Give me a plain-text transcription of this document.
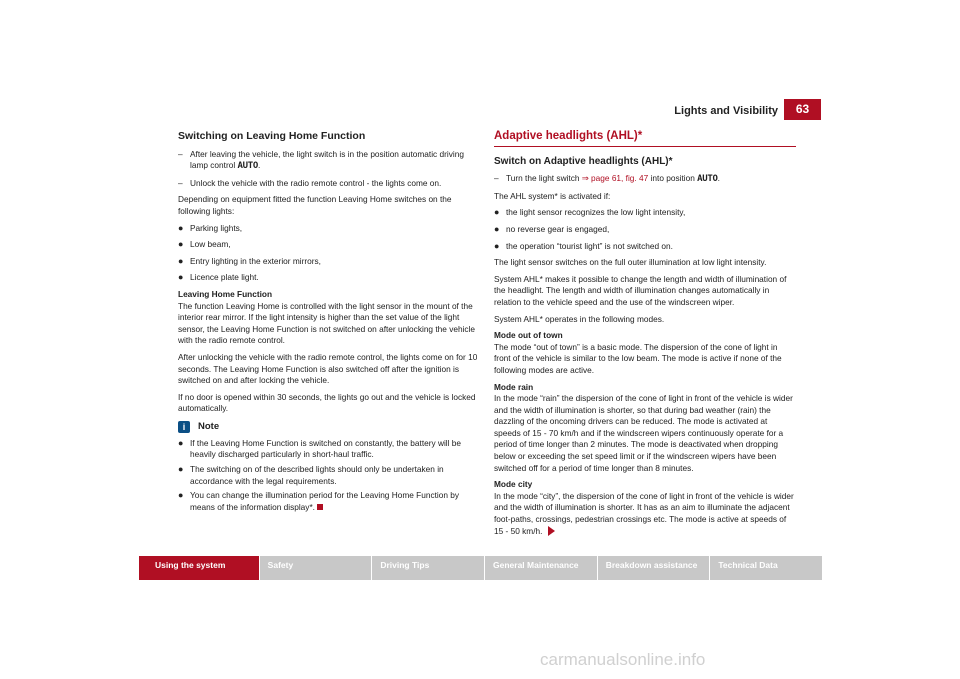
Lights and Visibility	63
Switching on Leaving Home Function
– After leaving the vehicle, the light switch is in the position automatic driving lamp control AUTO.
– Unlock the vehicle with the radio remote control - the lights come on.

Depending on equipment fitted the function Leaving Home switches on the following lights:

● Parking lights,
● Low beam,
● Entry lighting in the exterior mirrors,
● Licence plate light.

Leaving Home Function

The function Leaving Home is controlled with the light sensor in the mount of the interior rear mirror. If the light intensity is higher than the set value of the light sensor, the Leaving Home Function is not switched on after unlocking the vehicle with the radio remote control.

After unlocking the vehicle with the radio remote control, the lights come on for 10 seconds. The Leaving Home Function is also switched off after the ignition is switched on and after locking the vehicle.

If no door is opened within 30 seconds, the lights go out and the vehicle is locked automatically.

i	Note
● If the Leaving Home Function is switched on constantly, the battery will be heavily discharged particularly in short-haul traffic.
● The switching on of the described lights should only be undertaken in accordance with the legal requirements.
● You can change the illumination period for the Leaving Home Function by means of the information display*.
Adaptive headlights (AHL)*
Switch on Adaptive headlights (AHL)*
– Turn the light switch ⇒ page 61, fig. 47 into position AUTO.

The AHL system* is activated if:

● the light sensor recognizes the low light intensity,
● no reverse gear is engaged,
● the operation “tourist light” is not switched on.

The light sensor switches on the full outer illumination at low light intensity.

System AHL* makes it possible to change the length and width of illumination of the headlight. The length and width of illumination changes automatically in relation to the vehicle speed and the use of the windscreen wiper.

System AHL* operates in the following modes.

Mode out of town

The mode “out of town” is a basic mode. The dispersion of the cone of light in front of the vehicle is similar to the low beam. The mode is active if none of the following modes are active.

Mode rain

In the mode “rain” the dispersion of the cone of light in front of the vehicle is wider and the width of illumination is shorter, so that during bad weather (rain) the dazzling of the oncoming drivers can be reduced. The mode is activated at speeds of 15 - 70 km/h and if the windscreen wipers continuously operate for a period of time longer than 2 minutes. The mode is deactivated when dropping below or exceeding the set speed limit or if the windscreen wipers have been switched off for a period of time longer than 8 minutes.

Mode city

In the mode “city”, the dispersion of the cone of light in front of the vehicle is wider and the width of illumination is shorter. It has as an aim to illuminate the adjacent foot-paths, crossings, pedestrian crossings etc. The mode is active at speeds of 15 - 50 km/h.

Using the system	Safety	Driving Tips	General Maintenance	Breakdown assistance	Technical Data
carmanualsonline.info
